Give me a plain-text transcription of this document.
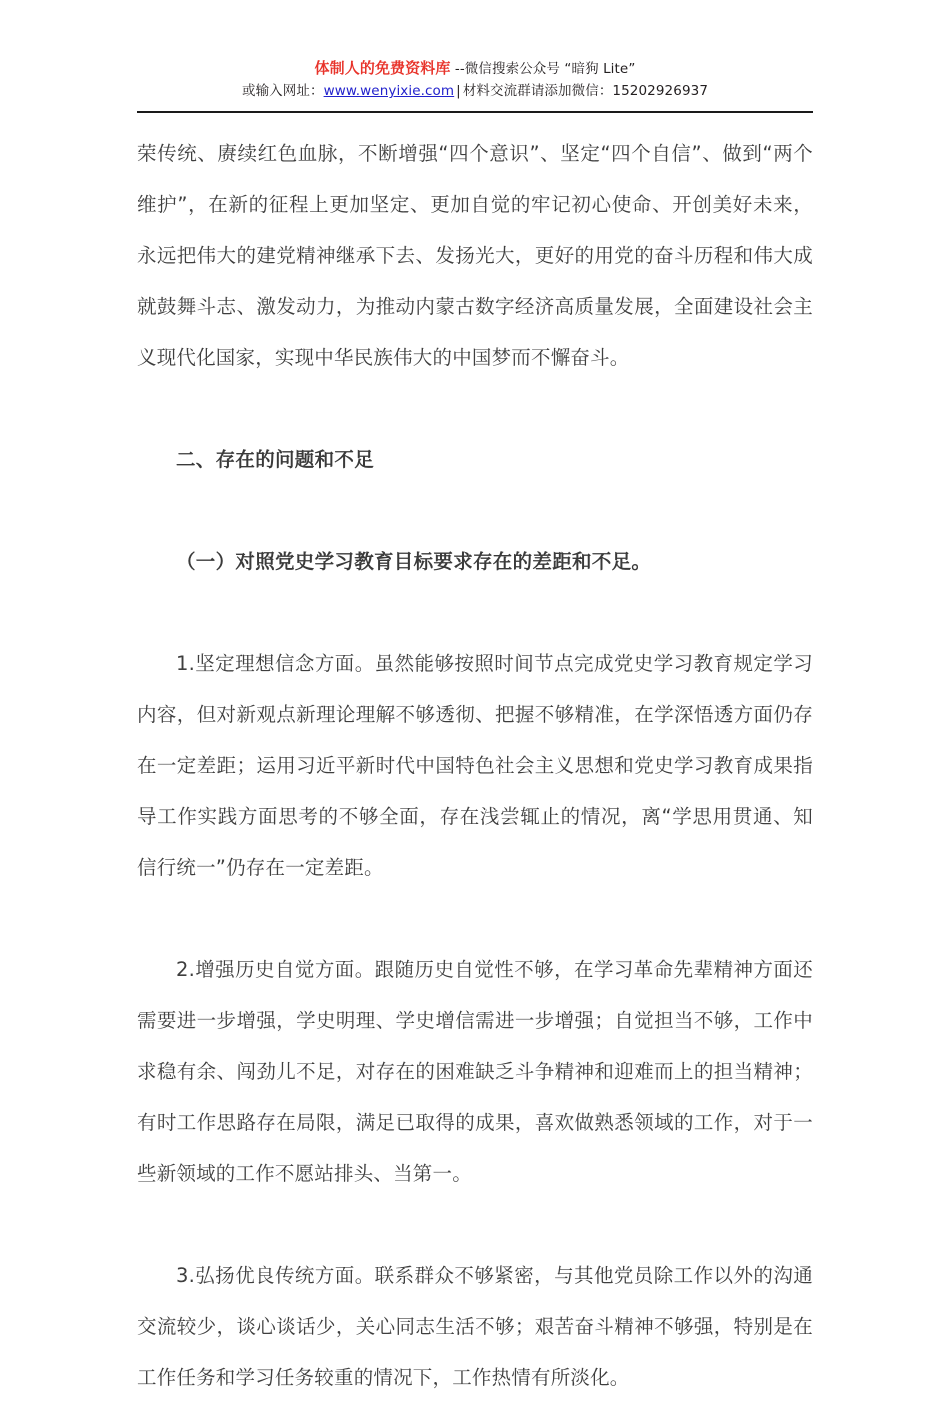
体制人的免费资料库 --微信搜索公众号 “暗狗 Lite”
或输入网址：www.wenyixie.com | 材料交流群请添加微信：15202926937

荣传统、赓续红色血脉，不断增强“四个意识”、坚定“四个自信”、做到“两个维护”，在新的征程上更加坚定、更加自觉的牢记初心使命、开创美好未来，永远把伟大的建党精神继承下去、发扬光大，更好的用党的奋斗历程和伟大成就鼓舞斗志、激发动力，为推动内蒙古数字经济高质量发展，全面建设社会主义现代化国家，实现中华民族伟大的中国梦而不懈奋斗。

二、存在的问题和不足

（一）对照党史学习教育目标要求存在的差距和不足。

1.坚定理想信念方面。虽然能够按照时间节点完成党史学习教育规定学习内容，但对新观点新理论理解不够透彻、把握不够精准，在学深悟透方面仍存在一定差距；运用习近平新时代中国特色社会主义思想和党史学习教育成果指导工作实践方面思考的不够全面，存在浅尝辄止的情况，离“学思用贯通、知信行统一”仍存在一定差距。

2.增强历史自觉方面。跟随历史自觉性不够，在学习革命先辈精神方面还需要进一步增强，学史明理、学史增信需进一步增强；自觉担当不够，工作中求稳有余、闯劲儿不足，对存在的困难缺乏斗争精神和迎难而上的担当精神；有时工作思路存在局限，满足已取得的成果，喜欢做熟悉领域的工作，对于一些新领域的工作不愿站排头、当第一。

3.弘扬优良传统方面。联系群众不够紧密，与其他党员除工作以外的沟通交流较少，谈心谈话少，关心同志生活不够；艰苦奋斗精神不够强，特别是在工作任务和学习任务较重的情况下，工作热情有所淡化。
